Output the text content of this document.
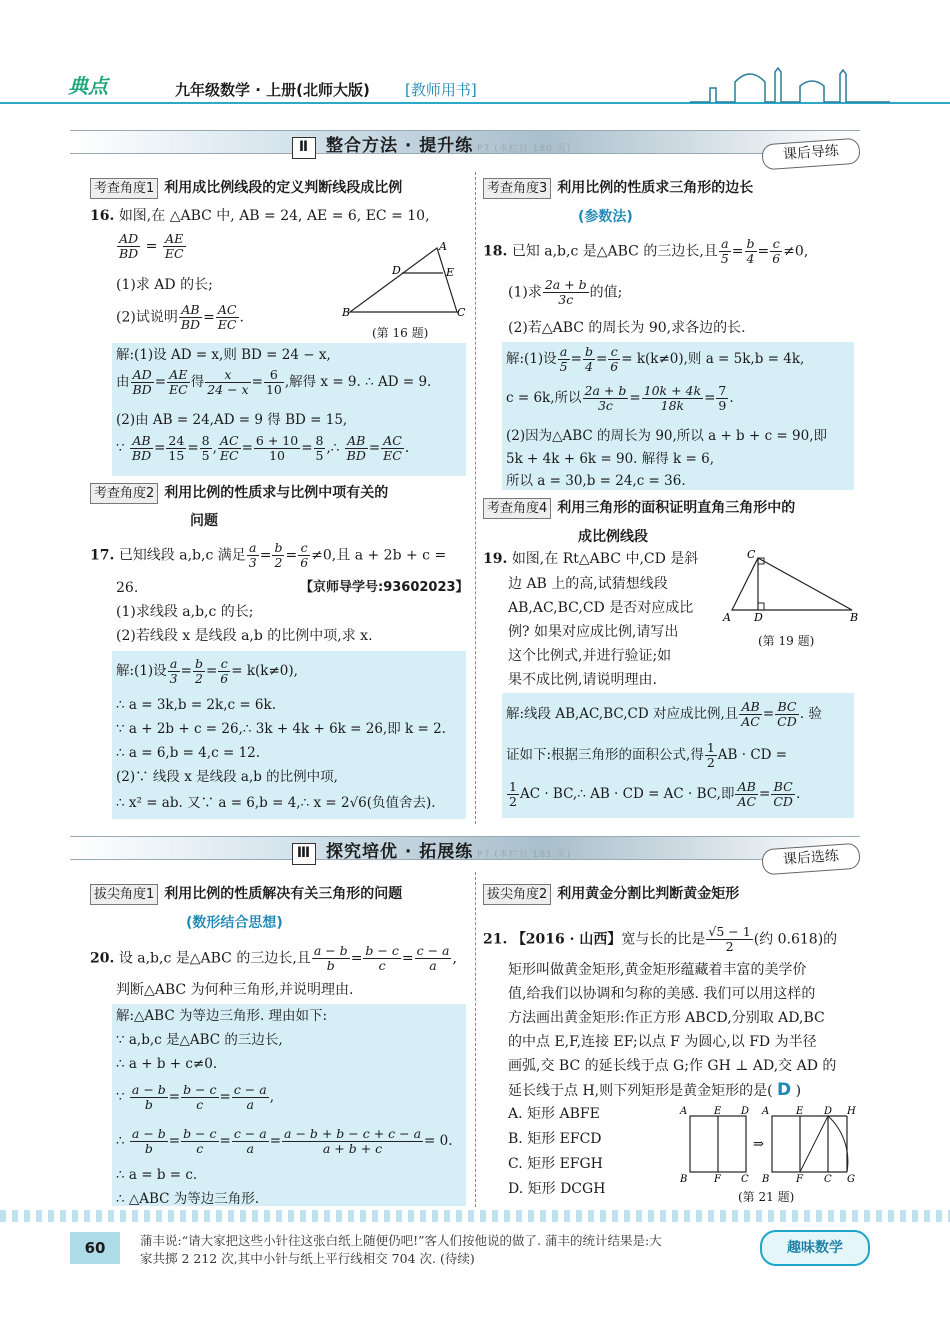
典点	九年级数学 · 上册(北师大版) [教师用书]
Ⅱ 整合方法 · 提升练 P7 (本栏目 180 页)	课后导练
考查角度1 利用成比例线段的定义判断线段成比例
16. 如图,在 △ABC 中, AB = 24, AE = 6, EC = 10,
$\frac{AD}{BD} = \frac{AE}{EC}$
(1)求 AD 的长;
(2)试说明 $\frac{AB}{BD} = \frac{AC}{EC}$ .
A
D	E
B	C
(第 16 题)
解:(1)设 AD = x,则 BD = 24 − x,
由 $\frac{AD}{BD} = \frac{AE}{EC}$ 得 $\frac{x}{24 - x} = \frac{6}{10}$ ,解得 x = 9. ∴ AD = 9.
(2)由 AB = 24,AD = 9 得 BD = 15,
∵ $\frac{AB}{BD} = \frac{24}{15} = \frac{8}{5}$ , $\frac{AC}{EC} = \frac{6 + 10}{10} = \frac{8}{5}$ ,∴ $\frac{AB}{BD} = \frac{AC}{EC}$ .
考查角度2 利用比例的性质求与比例中项有关的
问题
17. 已知线段 a,b,c 满足 $\frac{a}{3} = \frac{b}{2} = \frac{c}{6} \ne 0$,且 a + 2b + c =
26.	【京师导学号:93602023】
(1)求线段 a,b,c 的长;
(2)若线段 x 是线段 a,b 的比例中项,求 x.
解:(1)设 $\frac{a}{3} = \frac{b}{2} = \frac{c}{6} = k(k\ne 0)$,
∴ a = 3k,b = 2k,c = 6k.
∵ a + 2b + c = 26,∴ 3k + 4k + 6k = 26,即 k = 2.
∴ a = 6,b = 4,c = 12.
(2)∵ 线段 x 是线段 a,b 的比例中项,
∴ x² = ab. 又∵ a = 6,b = 4,∴ x = 2√6(负值舍去).
考查角度3 利用比例的性质求三角形的边长
(参数法)
18. 已知 a,b,c 是△ABC 的三边长,且 $\frac{a}{5} = \frac{b}{4} = \frac{c}{6} \ne 0$,
(1)求 $\frac{2a + b}{3c}$ 的值;
(2)若△ABC 的周长为 90,求各边的长.
解:(1)设 $\frac{a}{5} = \frac{b}{4} = \frac{c}{6} = k(k\ne 0)$,则 a = 5k,b = 4k,
c = 6k,所以 $\frac{2a + b}{3c} = \frac{10k + 4k}{18k} = \frac{7}{9}$ .
(2)因为△ABC 的周长为 90,所以 a + b + c = 90,即
5k + 4k + 6k = 90. 解得 k = 6,
所以 a = 30,b = 24,c = 36.
考查角度4 利用三角形的面积证明直角三角形中的
成比例线段
19. 如图,在 Rt△ABC 中,CD 是斜
边 AB 上的高,试猜想线段
AB,AC,BC,CD 是否对应成比
例? 如果对应成比例,请写出
这个比例式,并进行验证;如
果不成比例,请说明理由.
C
A D	B
(第 19 题)
解:线段 AB,AC,BC,CD 对应成比例,且 $\frac{AB}{AC} = \frac{BC}{CD}$ . 验
证如下:根据三角形的面积公式,得 $\frac{1}{2}$ AB · CD =
$\frac{1}{2}$ AC · BC,∴ AB · CD = AC · BC,即 $\frac{AB}{AC} = \frac{BC}{CD}$ .
Ⅲ 探究培优 · 拓展练 P7 (本栏目 181 页)	课后选练
拔尖角度1 利用比例的性质解决有关三角形的问题
(数形结合思想)
20. 设 a,b,c 是△ABC 的三边长,且 $\frac{a - b}{b} = \frac{b - c}{c} = \frac{c - a}{a}$ ,
判断△ABC 为何种三角形,并说明理由.
解:△ABC 为等边三角形. 理由如下:
∵ a,b,c 是△ABC 的三边长,
∴ a + b + c≠0.
∵ $\frac{a - b}{b} = \frac{b - c}{c} = \frac{c - a}{a}$ ,
∴ $\frac{a - b}{b} = \frac{b - c}{c} = \frac{c - a}{a} = \frac{a - b + b - c + c - a}{a + b + c} = 0$.
∴ a = b = c.
∴ △ABC 为等边三角形.
拔尖角度2 利用黄金分割比判断黄金矩形
21. 【2016 · 山西】宽与长的比是 $\frac{√5 - 1}{2}$ (约 0.618)的
矩形叫做黄金矩形,黄金矩形蕴藏着丰富的美学价
值,给我们以协调和匀称的美感. 我们可以用这样的
方法画出黄金矩形:作正方形 ABCD,分别取 AD,BC
的中点 E,F,连接 EF;以点 F 为圆心,以 FD 为半径
画弧,交 BC 的延长线于点 G;作 GH ⊥ AD,交 AD 的
延长线于点 H,则下列矩形是黄金矩形的是( D )
A. 矩形 ABFE
B. 矩形 EFCD
C. 矩形 EFGH
D. 矩形 DCGH
⇒
A	E D
B	F C
A	E D H
B	F C G
(第 21 题)
60	蒲丰说:“请大家把这些小针往这张白纸上随便仍吧!”客人们按他说的做了. 蒲丰的统计结果是:大
家共掷 2 212 次,其中小针与纸上平行线相交 704 次. (待续)
趣味数学
